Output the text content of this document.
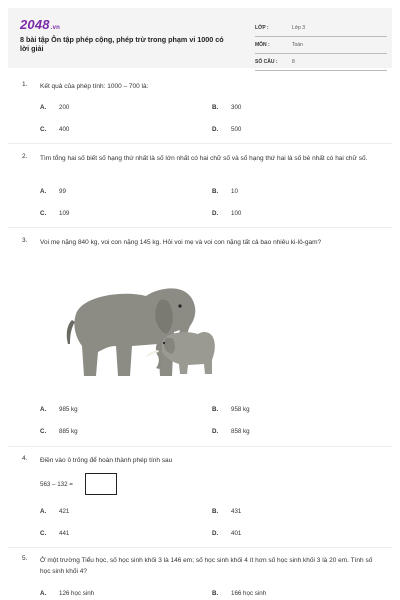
2048.vn
8 bài tập Ôn tập phép cộng, phép trừ trong phạm vi 1000 có lời giải
LỚP :	Lớp 3
MÔN :	Toán
SỐ CÂU :	8
1. Kết quả của phép tính: 1000 – 700 là:
A. 200	B. 300
C. 400	D. 500
2. Tìm tổng hai số biết số hạng thứ nhất là số lớn nhất có hai chữ số và số hạng thứ hai là số bé nhất có hai chữ số.
A. 99	B. 10
C. 109	D. 100
3. Voi mẹ nặng 840 kg, voi con nặng 145 kg. Hỏi voi mẹ và voi con nặng tất cả bao nhiêu ki-lô-gam?
A. 985 kg	B. 958 kg
C. 885 kg	D. 858 kg
4. Điền vào ô trống để hoàn thành phép tính sau
563 – 132 =
A. 421	B. 431
C. 441	D. 401
5. Ở một trường Tiểu học, số học sinh khối 3 là 146 em; số học sinh khối 4 ít hơn số học sinh khối 3 là 20 em. Tính số học sinh khối 4?
A. 126 học sinh	B. 166 học sinh
